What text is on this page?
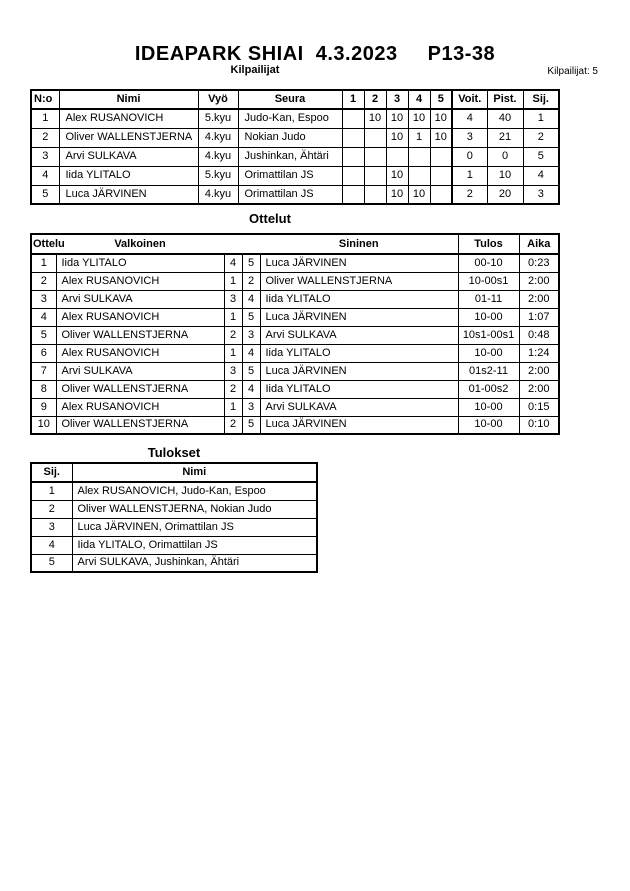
IDEAPARK SHIAI 4.3.2023 P13-38
Kilpailijat	Kilpailijat: 5
N:o	Nimi	Vyö	Seura	1	2	3	4	5	Voit.	Pist.	Sij.
1	Alex RUSANOVICH	5.kyu	Judo-Kan, Espoo		10	10	10	10	4	40	1
2	Oliver WALLENSTJERNA	4.kyu	Nokian Judo			10	1	10	3	21	2
3	Arvi SULKAVA	4.kyu	Jushinkan, Ähtäri						0	0	5
4	Iida YLITALO	5.kyu	Orimattilan JS			10			1	10	4
5	Luca JÄRVINEN	4.kyu	Orimattilan JS			10	10		2	20	3
Ottelut
Ottelu	Valkoinen			Sininen	Tulos	Aika
1	Iida YLITALO	4	5	Luca JÄRVINEN	00-10	0:23
2	Alex RUSANOVICH	1	2	Oliver WALLENSTJERNA	10-00s1	2:00
3	Arvi SULKAVA	3	4	Iida YLITALO	01-11	2:00
4	Alex RUSANOVICH	1	5	Luca JÄRVINEN	10-00	1:07
5	Oliver WALLENSTJERNA	2	3	Arvi SULKAVA	10s1-00s1	0:48
6	Alex RUSANOVICH	1	4	Iida YLITALO	10-00	1:24
7	Arvi SULKAVA	3	5	Luca JÄRVINEN	01s2-11	2:00
8	Oliver WALLENSTJERNA	2	4	Iida YLITALO	01-00s2	2:00
9	Alex RUSANOVICH	1	3	Arvi SULKAVA	10-00	0:15
10	Oliver WALLENSTJERNA	2	5	Luca JÄRVINEN	10-00	0:10
Tulokset
Sij.	Nimi
1	Alex RUSANOVICH, Judo-Kan, Espoo
2	Oliver WALLENSTJERNA, Nokian Judo
3	Luca JÄRVINEN, Orimattilan JS
4	Iida YLITALO, Orimattilan JS
5	Arvi SULKAVA, Jushinkan, Ähtäri
